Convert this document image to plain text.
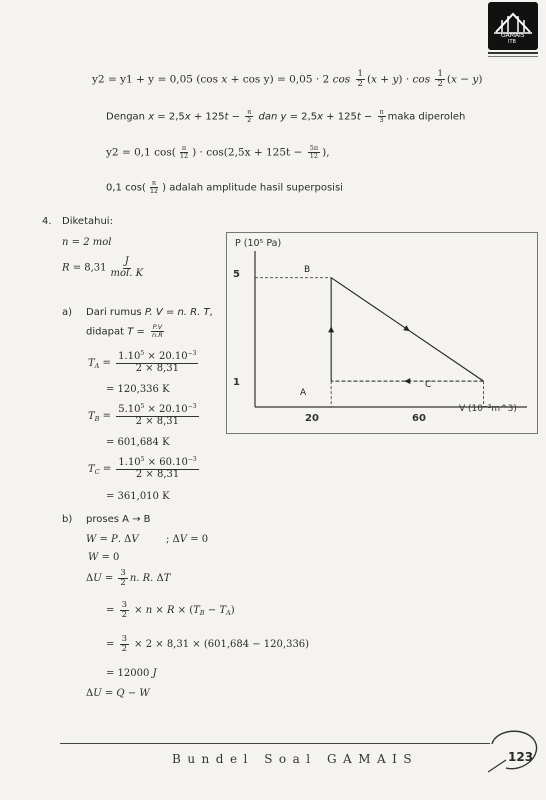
GAMAIS
ITB
y2 = y1 + y = 0,05 (cos x + cos y) = 0,05 · 2 $\cos \frac{1}{2} (x + y) \cdot \cos \frac{1}{2} (x - y)$
Dengan $x = 2,5x + 125t - \frac{\pi}{2}$ dan $y = 2,5x + 125t - \frac{\pi}{3}$ maka diperoleh
y2 = 0,1 $\cos( \frac{\pi}{12}$ ) · $\cos(2,5x + 125t - \frac{5\pi}{12}$ ),
0,1 $\cos( \frac{\pi}{12}$ ) adalah amplitude hasil superposisi
4. Diketahui:
n = 2 mol
$R = 8,31 \frac{J}{\text{mol. K}}$
a) Dari rumus P. V = n. R. T,
didapat $T = \frac{P.V}{n.R}$
$T_A = \frac{1.10^5 \times 20.10^{-3}}{2 \times 8,31}$
= 120,336 K
$T_B = \frac{5.10^5 \times 20.10^{-3}}{2 \times 8,31}$
= 601,684 K
$T_C = \frac{1.10^5 \times 60.10^{-3}}{2 \times 8,31}$
= 361,010 K
b) proses A → B
W = P. ΔV	; ΔV = 0
W = 0
$\Delta U = \frac{3}{2} n$. R. ΔT
= $\frac{3}{2} \times n \times R \times (T_B - T_A)$
= $\frac{3}{2} \times 2 \times 8,31 \times (601,684 - 120,336)$
= 12000 J
ΔU = Q − W
P (10⁵ Pa)
V (10⁻³m^3)
5
1
20	60
B
A
C
Bundel Soal GAMAIS	123
